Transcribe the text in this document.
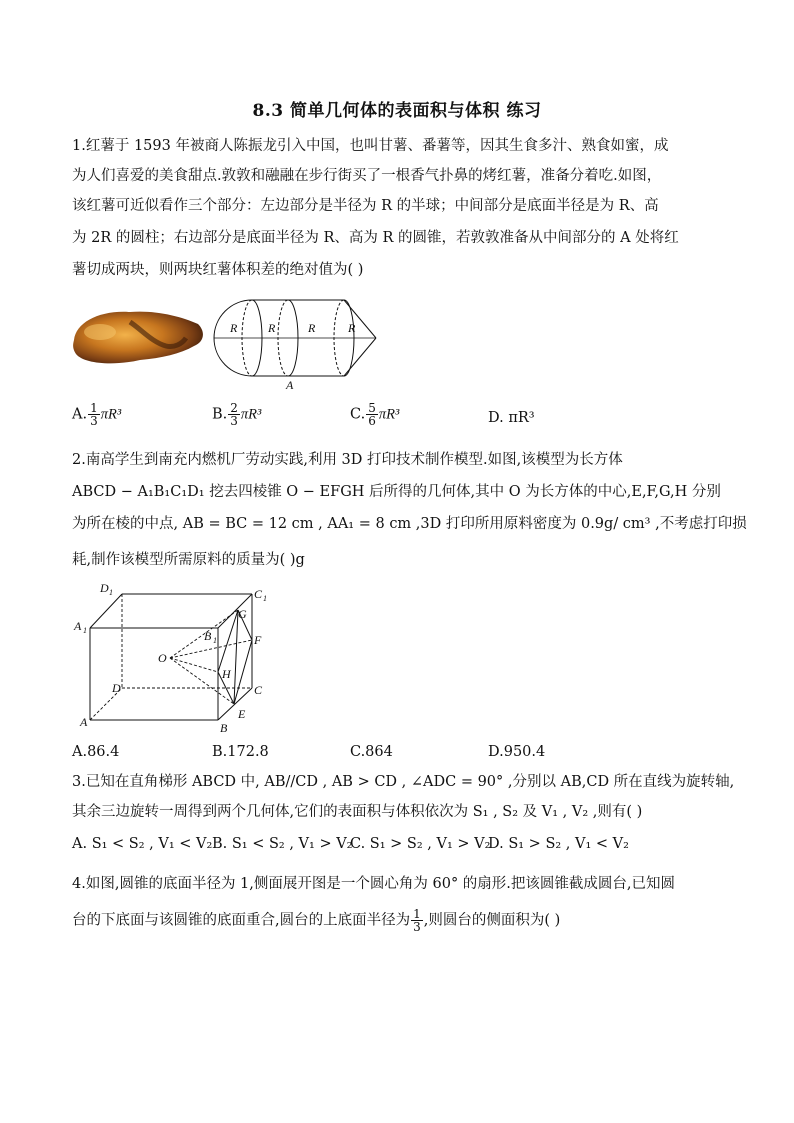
8.3 简单几何体的表面积与体积 练习
1.红薯于 1593 年被商人陈振龙引入中国，也叫甘薯、番薯等，因其生食多汁、熟食如蜜，成
为人们喜爱的美食甜点.敦敦和融融在步行街买了一根香气扑鼻的烤红薯，准备分着吃.如图，
该红薯可近似看作三个部分：左边部分是半径为 R 的半球；中间部分是底面半径是为 R、高
为 2R 的圆柱；右边部分是底面半径为 R、高为 R 的圆锥，若敦敦准备从中间部分的 A 处将红
薯切成两块，则两块红薯体积差的绝对值为( )
R	R	R	R
A
A. $\frac{1}{3} \pi R^3$	B. $\frac{2}{3} \pi R^3$	C. $\frac{5}{6} \pi R^3$	D. πR³
2.南高学生到南充内燃机厂劳动实践,利用 3D 打印技术制作模型.如图,该模型为长方体
ABCD − A₁B₁C₁D₁ 挖去四棱锥 O − EFGH 后所得的几何体,其中 O 为长方体的中心,E,F,G,H 分别
为所在棱的中点, AB = BC = 12 cm , AA₁ = 8 cm ,3D 打印所用原料密度为 0.9g/ cm³ ,不考虑打印损
耗,制作该模型所需原料的质量为( )g
D 1	C 1
A 1
G
B 1	F
O
H
D	C
E
A	B
A.86.4	B.172.8	C.864	D.950.4
3.已知在直角梯形 ABCD 中, AB//CD , AB > CD , ∠ADC = 90° ,分别以 AB,CD 所在直线为旋转轴,
其余三边旋转一周得到两个几何体,它们的表面积与体积依次为 S₁ , S₂ 及 V₁ , V₂ ,则有( )
A. S₁ < S₂ , V₁ < V₂ B. S₁ < S₂ , V₁ > V₂
C. S₁ > S₂ , V₁ > V₂
D. S₁ > S₂ , V₁ < V₂
4.如图,圆锥的底面半径为 1,侧面展开图是一个圆心角为 60° 的扇形.把该圆锥截成圆台,已知圆
台的下底面与该圆锥的底面重合,圆台的上底面半径为 $\frac{1}{3}$ ,则圆台的侧面积为( )
